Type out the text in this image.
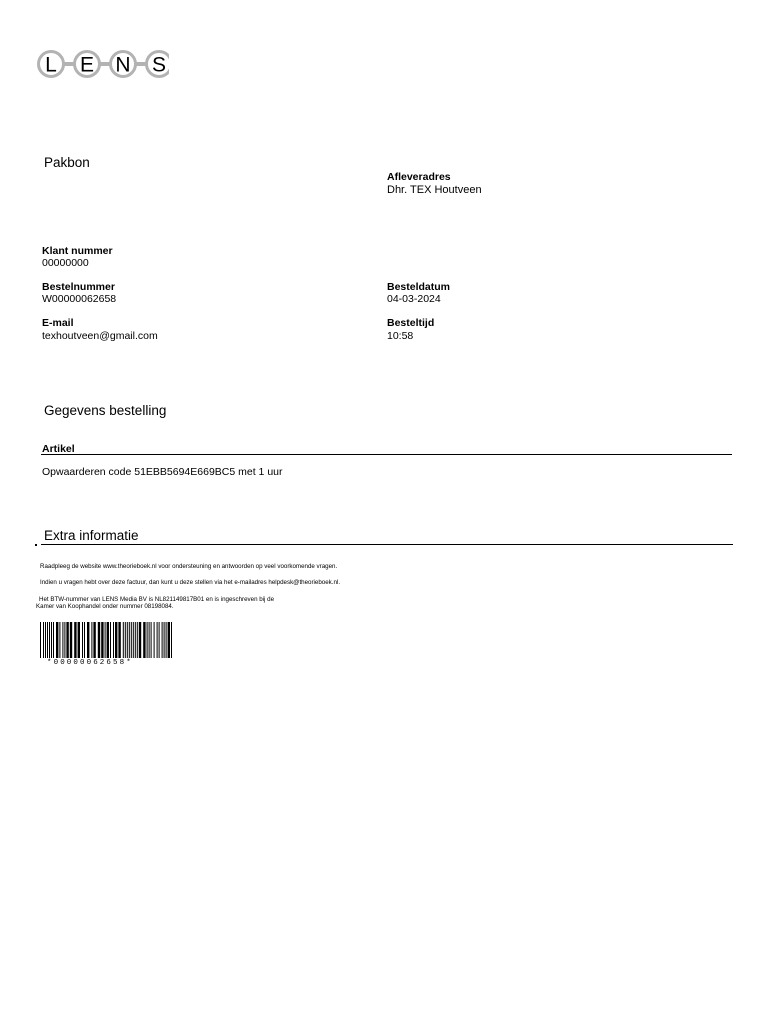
L E N S
Pakbon
Afleveradres
Dhr. TEX Houtveen
Klant nummer
00000000
Bestelnummer
W00000062658
Besteldatum
04-03-2024
E-mail
texhoutveen@gmail.com
Besteltijd
10:58
Gegevens bestelling
Artikel
Opwaarderen code 51EBB5694E669BC5 met 1 uur
Extra informatie
Raadpleeg de website www.theorieboek.nl voor ondersteuning en antwoorden op veel voorkomende vragen.
Indien u vragen hebt over deze factuur, dan kunt u deze stellen via het e-mailadres helpdesk@theorieboek.nl.
Het BTW-nummer van LENS Media BV is NL821149817B01 en is ingeschreven bij de
Kamer van Koophandel onder nummer 08198084.
*00000062658*
